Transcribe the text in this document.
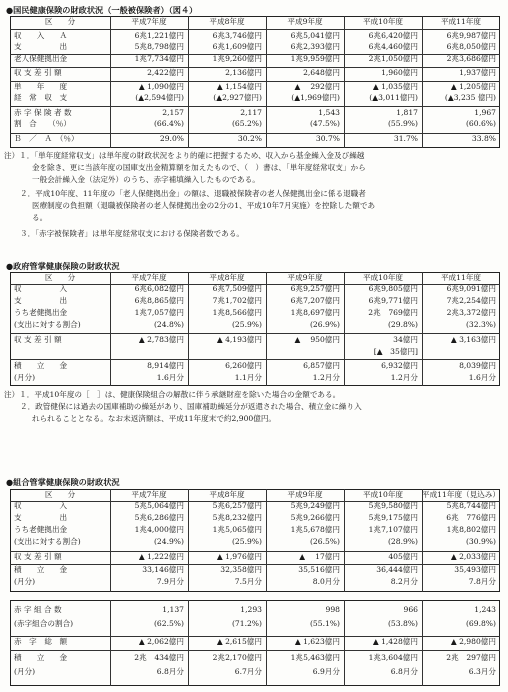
●国民健康保険の財政状況（一般被保険者）（図４）
区　　分	平成7年度	平成8年度	平成9年度	平成10年度	平成11年度
収　　入　　Ａ	6兆1,221億円	6兆3,746億円	6兆5,041億円	6兆6,420億円	6兆9,987億円
支　　　　　出	5兆8,798億円	6兆1,609億円	6兆2,393億円	6兆4,460億円	6兆8,050億円
老人保健拠出金	1兆7,734億円	1兆9,260億円	1兆9,959億円	2兆1,050億円	2兆3,686億円
収 支 差 引 額	2,422億円	2,136億円	2,648億円	1,960億円	1,937億円
単　　年　　度	▲ 1,090億円	▲ 1,154億円	▲　 292億円	▲ 1,035億円	▲ 1,205億円
経　常　収　支	(▲2,594億円)	(▲2,927億円)	(▲1,969億円)	(▲3,011億円)	(▲3,235 億円)
赤 字 保 険 者 数	2,157	2,117	1,543	1,817	1,967
割　合　　（％）	(66.4%)	(65.2%)	(47.5%)	(55.9%)	(60.6%)
Ｂ　／　Ａ　（％）	29.0%	30.2%	30.7%	31.7%	33.8%
注）１．「単年度経常収支」は単年度の財政状況をより的確に把握するため、収入から基金繰入金及び繰越
金を除き、更に当該年度の国庫支出金精算額を加えたもので、（　）書は、「単年度経常収支」から
一般会計繰入金（法定外）のうち、赤字補填繰入したものである。
２．平成10年度、11年度の「老人保健拠出金」の額は、退職被保険者の老人保健拠出金に係る退職者
医療制度の負担額（退職被保険者の老人保健拠出金の2分の1、平成10年7月実施）を控除した額であ
る。
３．「赤字被保険者」は単年度経常収支における保険者数である。
●政府管掌健康保険の財政状況
区　　分	平成7年度	平成8年度	平成9年度	平成10年度	平成11年度
収　　　　　入	6兆6,082億円	6兆7,509億円	6兆9,257億円	6兆9,805億円	6兆9,091億円
支　　　　　出	6兆8,865億円	7兆1,702億円	6兆7,207億円	6兆9,771億円	7兆2,254億円
うち老健拠出金	1兆7,057億円	1兆8,566億円	1兆8,697億円	2兆　769億円	2兆3,372億円
(支出に対する割合)	(24.8%)	(25.9%)	(26.9%)	(29.8%)	(32.3%)
収 支 差 引 額	▲ 2,783億円	▲ 4,193億円	▲　 950億円	34億円	▲ 3,163億円
[▲　35億円]
積　　立　　金	8,914億円	6,260億円	6,857億円	6,932億円	8,039億円
(月分)	1.6月分	1.1月分	1.2月分	1.2月分	1.6月分
注）１．平成10年度の［　］は、健康保険組合の解散に伴う承継財産を除いた場合の金額である。
２．政管健保には過去の国庫補助の繰延があり、国庫補助繰延分が返還された場合、積立金に繰り入
れられることとなる。なお未返済額は、平成11年度末で約2,900億円。
●組合管掌健康保険の財政状況
区　　分	平成7年度	平成8年度	平成9年度	平成10年度	平成11年度（見込み）
収　　　　　入	5兆5,064億円	5兆6,257億円	5兆9,249億円	5兆9,580億円	5兆8,744億円
支　　　　　出	5兆6,286億円	5兆8,232億円	5兆9,266億円	5兆9,175億円	6兆　776億円
うち老健拠出金	1兆4,000億円	1兆5,065億円	1兆5,678億円	1兆7,107億円	1兆8,802億円
(支出に対する割合)	(24.9%)	(25.9%)	(26.5%)	(28.9%)	(30.9%)
収 支 差 引 額	▲ 1,222億円	▲ 1,976億円	▲　 17億円	405億円	▲ 2,033億円
積　　立　　金	33,146億円	32,358億円	35,516億円	36,444億円	35,493億円
(月分)	7.9月分	7.5月分	8.0月分	8.2月分	7.8月分
赤 字 組 合 数	1,137	1,293	998	966	1,243
(赤字組合の割合)	(62.5%)	(71.2%)	(55.1%)	(53.8%)	(69.8%)
赤　字　総　額	▲ 2,062億円	▲ 2,615億円	▲ 1,623億円	▲ 1,428億円	▲ 2,980億円
積　　立　　金	2兆　434億円	2兆2,170億円	1兆5,463億円	1兆3,604億円	2兆　297億円
(月分)	6.8月分	6.7月分	6.9月分	6.8月分	6.3月分
